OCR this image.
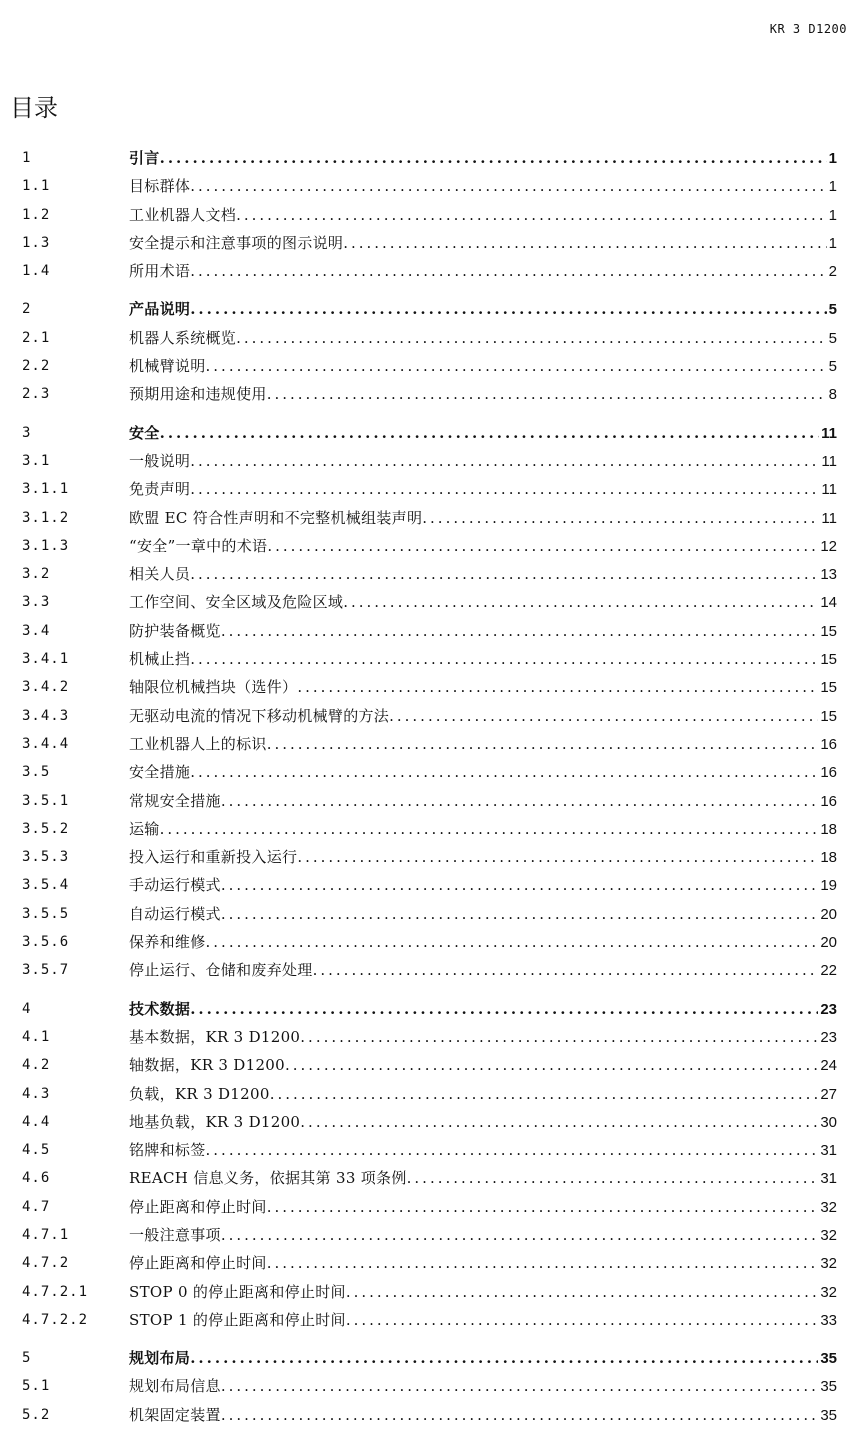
KR 3 D1200
目录
1	引言 .....	1
1.1	目标群体 .....	1
1.2	工业机器人文档 .....	1
1.3	安全提示和注意事项的图示说明 .....	1
1.4	所用术语 .....	2
2	产品说明 .....	5
2.1	机器人系统概览 .....	5
2.2	机械臂说明 .....	5
2.3	预期用途和违规使用 .....	8
3	安全 .....	11
3.1	一般说明 .....	11
3.1.1	免责声明 .....	11
3.1.2	欧盟 EC 符合性声明和不完整机械组装声明 .....	11
3.1.3	“安全”一章中的术语 .....	12
3.2	相关人员 .....	13
3.3	工作空间、安全区域及危险区域 .....	14
3.4	防护装备概览 .....	15
3.4.1	机械止挡 .....	15
3.4.2	轴限位机械挡块（选件） .....	15
3.4.3	无驱动电流的情况下移动机械臂的方法 .....	15
3.4.4	工业机器人上的标识 .....	16
3.5	安全措施 .....	16
3.5.1	常规安全措施 .....	16
3.5.2	运输 .....	18
3.5.3	投入运行和重新投入运行 .....	18
3.5.4	手动运行模式 .....	19
3.5.5	自动运行模式 .....	20
3.5.6	保养和维修 .....	20
3.5.7	停止运行、仓储和废弃处理 .....	22
4	技术数据 .....	23
4.1	基本数据，KR 3 D1200 .....	23
4.2	轴数据，KR 3 D1200 .....	24
4.3	负载，KR 3 D1200 .....	27
4.4	地基负载，KR 3 D1200 .....	30
4.5	铭牌和标签 .....	31
4.6	REACH 信息义务，依据其第 33 项条例 .....	31
4.7	停止距离和停止时间 .....	32
4.7.1	一般注意事项 .....	32
4.7.2	停止距离和停止时间 .....	32
4.7.2.1	STOP 0 的停止距离和停止时间 .....	32
4.7.2.2	STOP 1 的停止距离和停止时间 .....	33
5	规划布局 .....	35
5.1	规划布局信息 .....	35
5.2	机架固定装置 .....	35
